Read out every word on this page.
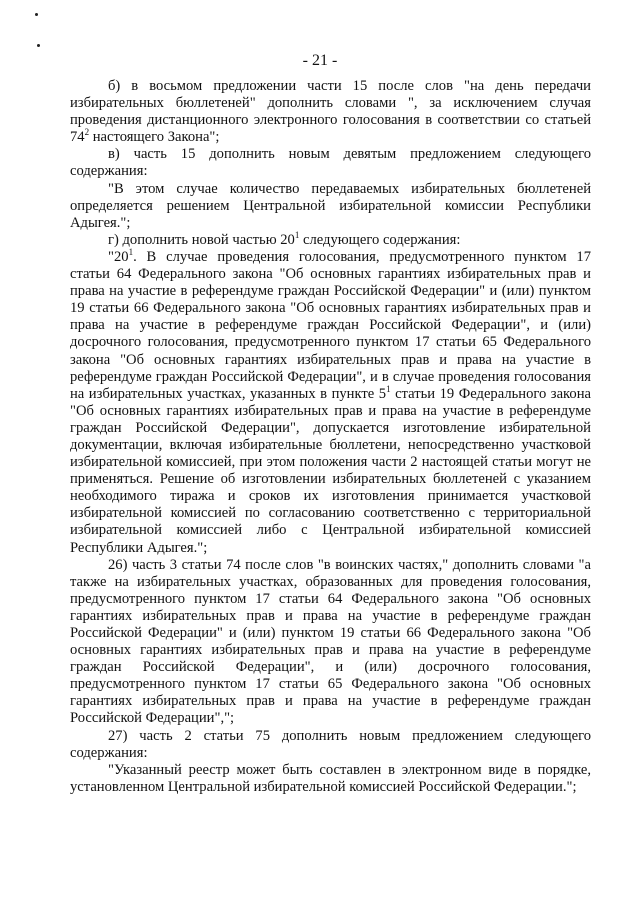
- 21 -

б) в восьмом предложении части 15 после слов "на день передачи избирательных бюллетеней" дополнить словами ", за исключением случая проведения дистанционного электронного голосования в соответствии со статьей $74^2$ настоящего Закона";

в) часть 15 дополнить новым девятым предложением следующего содержания:

"В этом случае количество передаваемых избирательных бюллетеней определяется решением Центральной избирательной комиссии Республики Адыгея.";

г) дополнить новой частью $20^1$ следующего содержания:

"$20^1$. В случае проведения голосования, предусмотренного пунктом 17 статьи 64 Федерального закона "Об основных гарантиях избирательных прав и права на участие в референдуме граждан Российской Федерации" и (или) пунктом 19 статьи 66 Федерального закона "Об основных гарантиях избирательных прав и права на участие в референдуме граждан Российской Федерации", и (или) досрочного голосования, предусмотренного пунктом 17 статьи 65 Федерального закона "Об основных гарантиях избирательных прав и права на участие в референдуме граждан Российской Федерации", и в случае проведения голосования на избирательных участках, указанных в пункте $5^1$ статьи 19 Федерального закона "Об основных гарантиях избирательных прав и права на участие в референдуме граждан Российской Федерации", допускается изготовление избирательной документации, включая избирательные бюллетени, непосредственно участковой избирательной комиссией, при этом положения части 2 настоящей статьи могут не применяться. Решение об изготовлении избирательных бюллетеней с указанием необходимого тиража и сроков их изготовления принимается участковой избирательной комиссией по согласованию соответственно с территориальной избирательной комиссией либо с Центральной избирательной комиссией Республики Адыгея.";

26) часть 3 статьи 74 после слов "в воинских частях," дополнить словами "а также на избирательных участках, образованных для проведения голосования, предусмотренного пунктом 17 статьи 64 Федерального закона "Об основных гарантиях избирательных прав и права на участие в референдуме граждан Российской Федерации" и (или) пунктом 19 статьи 66 Федерального закона "Об основных гарантиях избирательных прав и права на участие в референдуме граждан Российской Федерации", и (или) досрочного голосования, предусмотренного пунктом 17 статьи 65 Федерального закона "Об основных гарантиях избирательных прав и права на участие в референдуме граждан Российской Федерации",";

27) часть 2 статьи 75 дополнить новым предложением следующего содержания:

"Указанный реестр может быть составлен в электронном виде в порядке, установленном Центральной избирательной комиссией Российской Федерации.";
